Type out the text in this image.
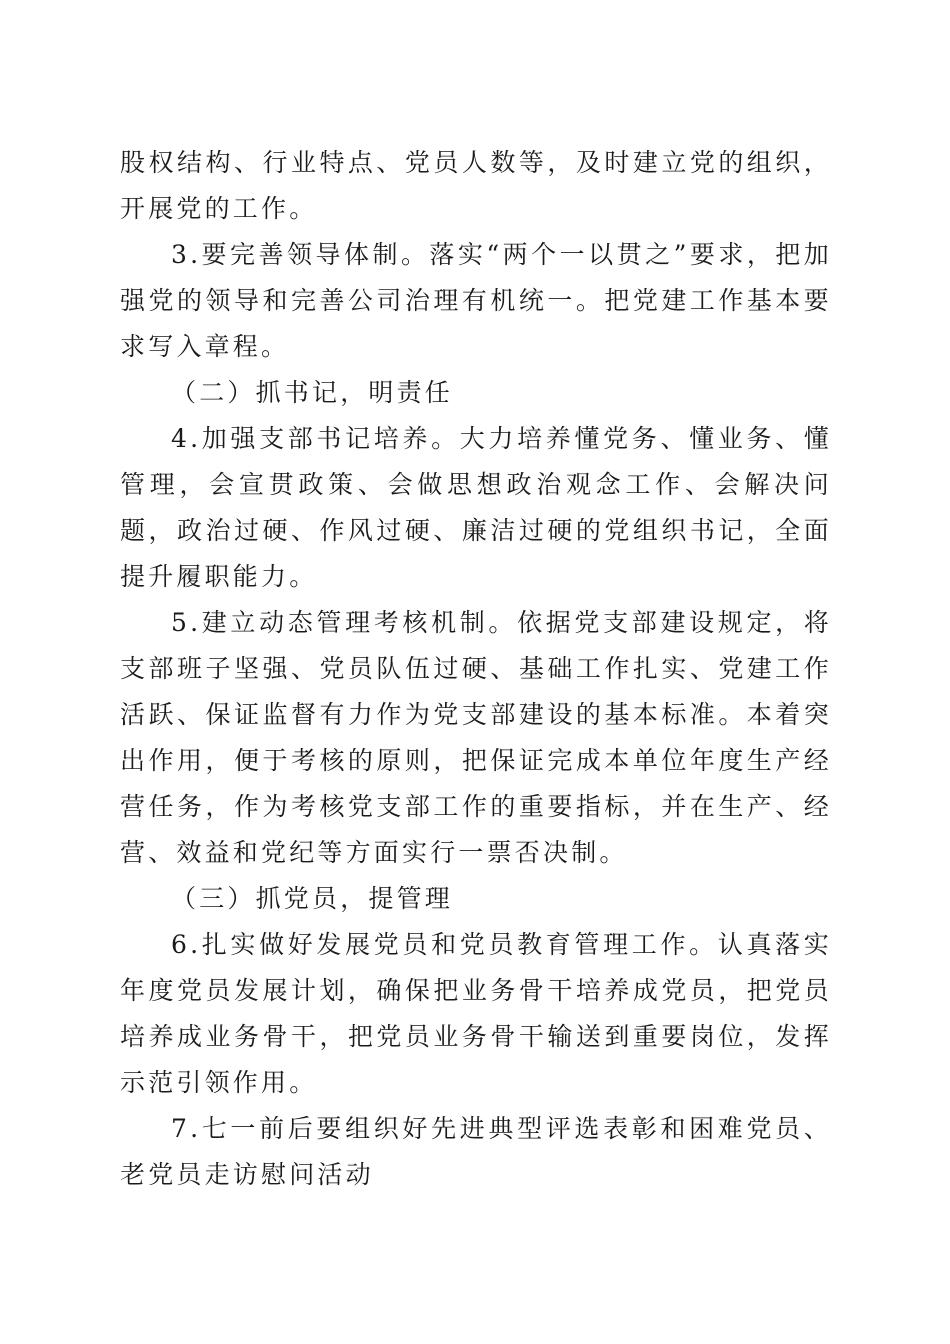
股权结构、行业特点、党员人数等，及时建立党的组织，开展党的工作。

3.要完善领导体制。落实“两个一以贯之”要求，把加强党的领导和完善公司治理有机统一。把党建工作基本要求写入章程。

（二）抓书记，明责任

4.加强支部书记培养。大力培养懂党务、懂业务、懂管理，会宣贯政策、会做思想政治观念工作、会解决问题，政治过硬、作风过硬、廉洁过硬的党组织书记，全面提升履职能力。

5.建立动态管理考核机制。依据党支部建设规定，将支部班子坚强、党员队伍过硬、基础工作扎实、党建工作活跃、保证监督有力作为党支部建设的基本标准。本着突出作用，便于考核的原则，把保证完成本单位年度生产经营任务，作为考核党支部工作的重要指标，并在生产、经营、效益和党纪等方面实行一票否决制。

（三）抓党员，提管理

6.扎实做好发展党员和党员教育管理工作。认真落实年度党员发展计划，确保把业务骨干培养成党员，把党员培养成业务骨干，把党员业务骨干输送到重要岗位，发挥示范引领作用。

7.七一前后要组织好先进典型评选表彰和困难党员、老党员走访慰问活动
